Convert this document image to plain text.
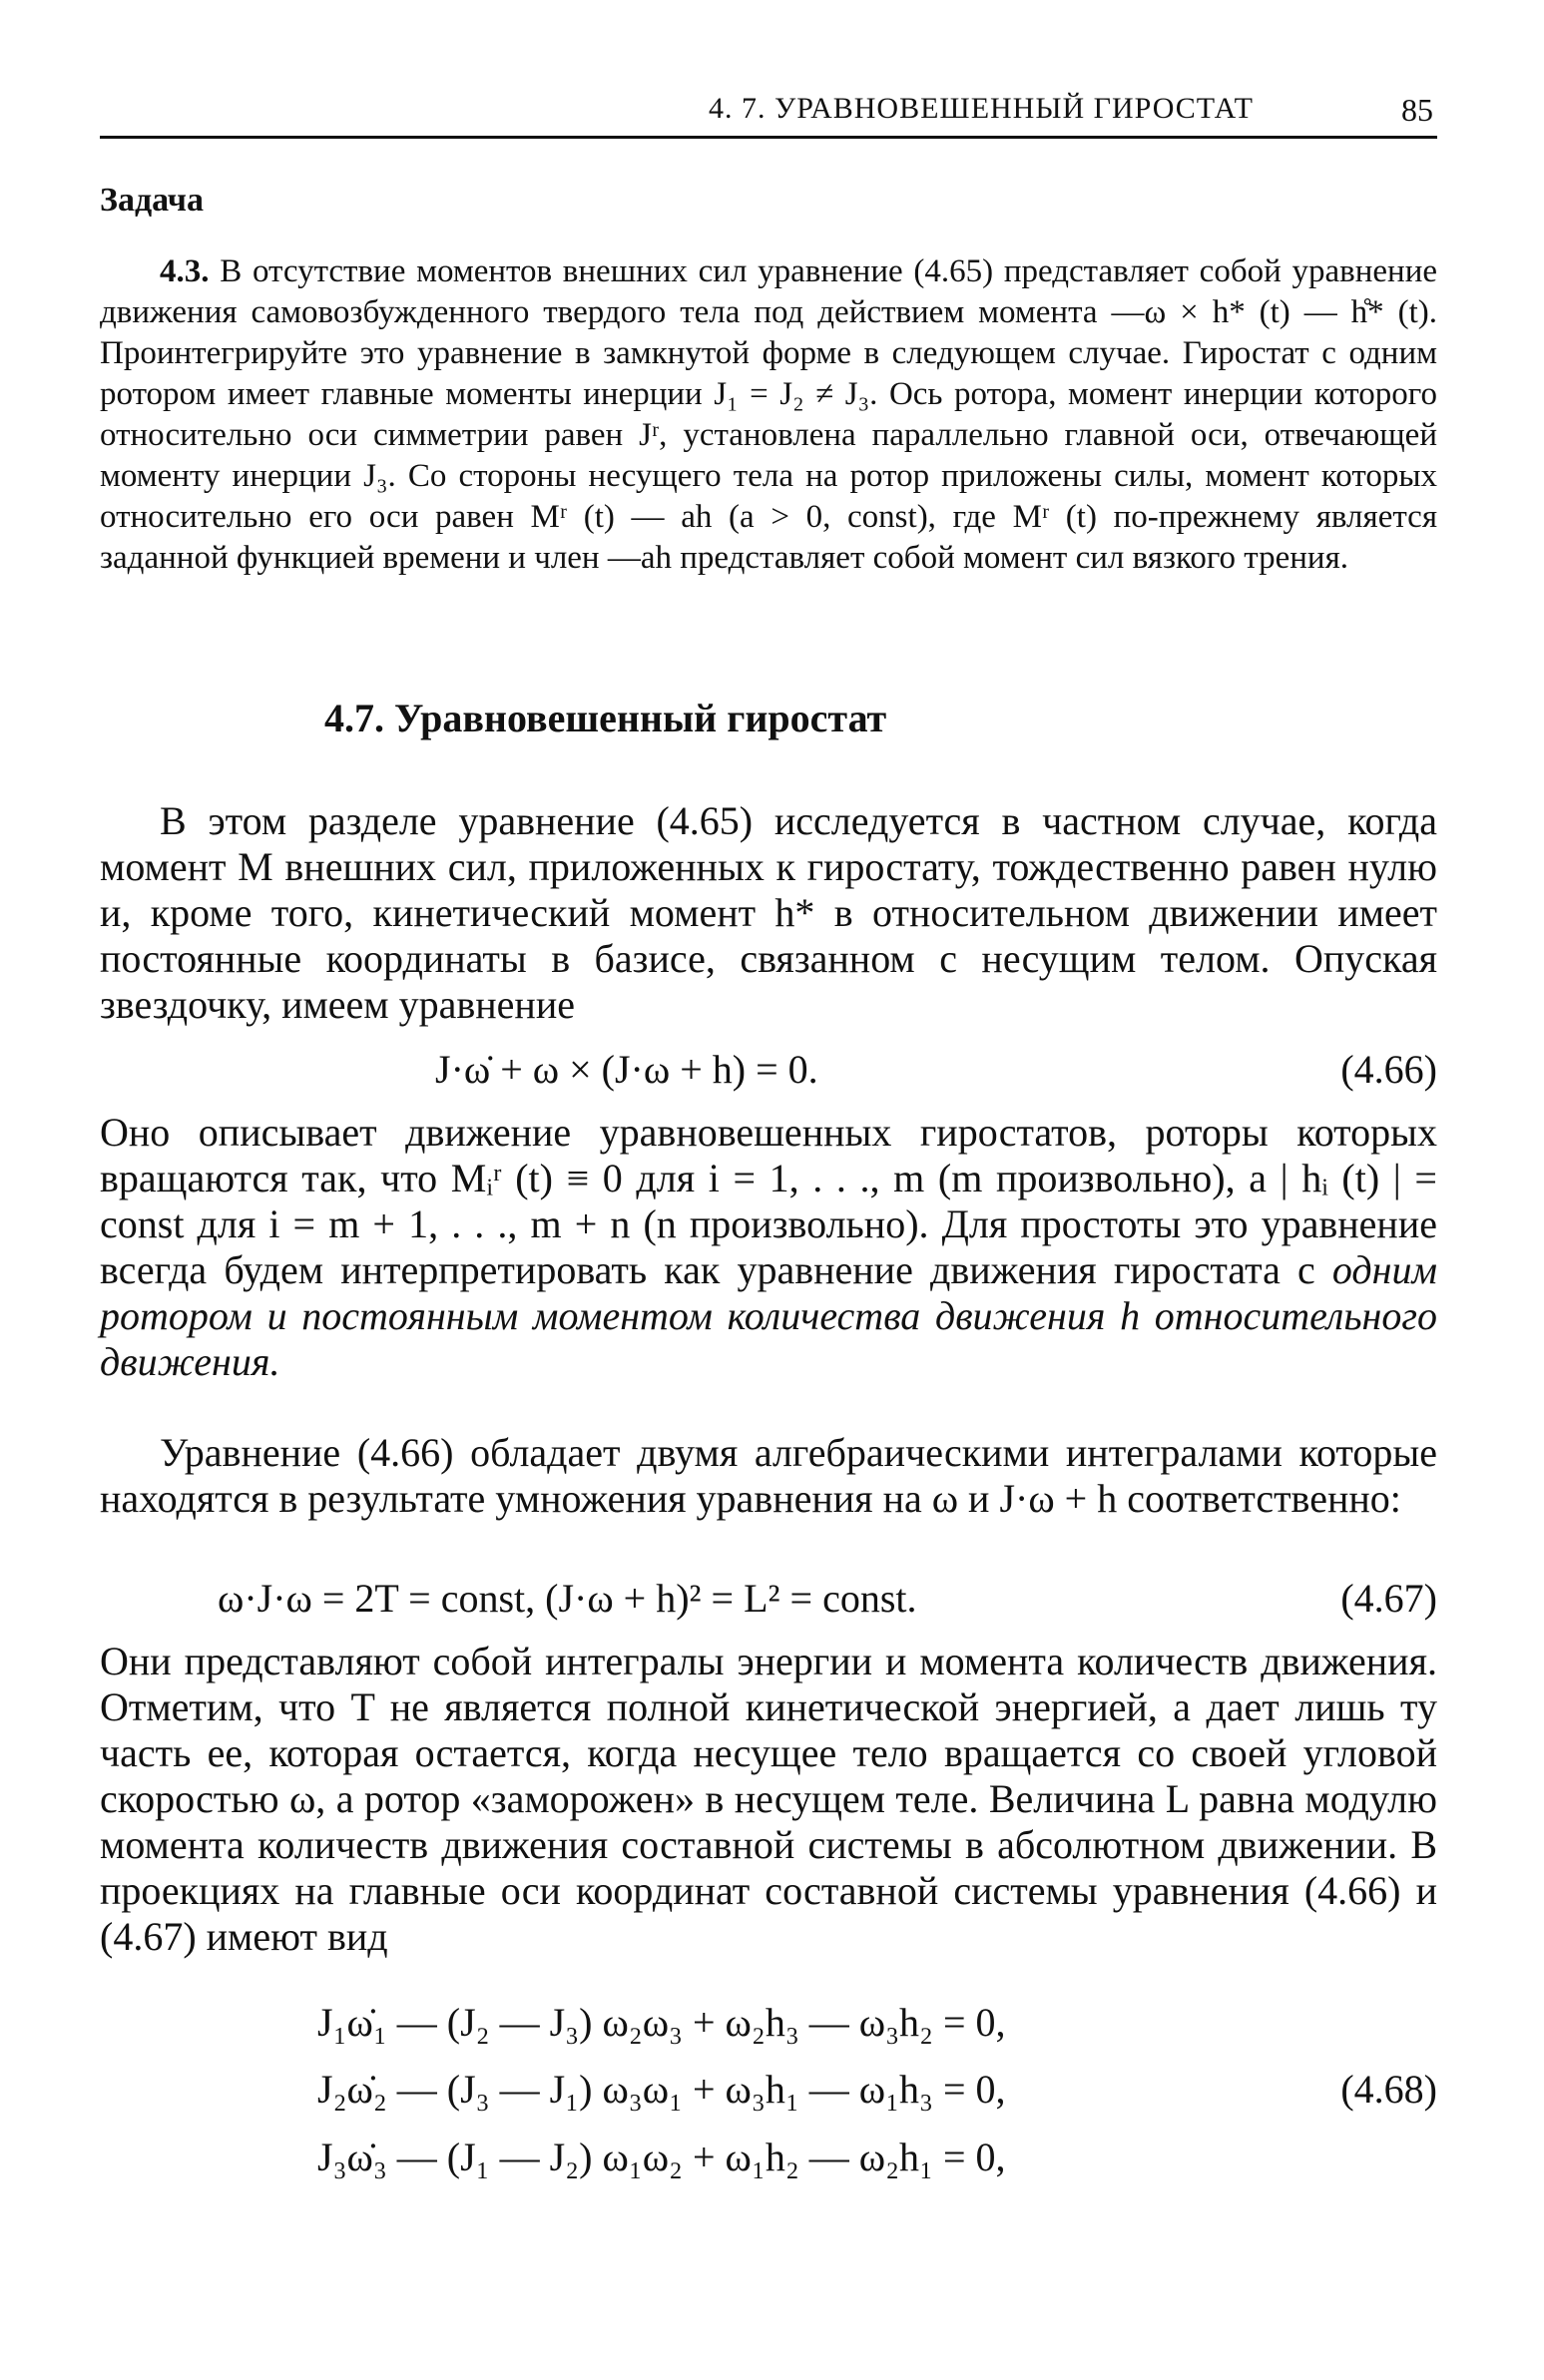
4. 7. УРАВНОВЕШЕННЫЙ ГИРОСТАТ	85
Задача
4.3. В отсутствие моментов внешних сил уравнение (4.65) представляет собой уравнение движения самовозбужденного твердого тела под действием момента —ω × h* (t) — h̊* (t). Проинтегрируйте это уравнение в замкнутой форме в следующем случае. Гиростат с одним ротором имеет главные моменты инерции J₁ = J₂ ≠ J₃. Ось ротора, момент инерции которого относительно оси симметрии равен Jʳ, установлена параллельно главной оси, отвечающей моменту инерции J₃. Со стороны несущего тела на ротор приложены силы, момент которых относительно его оси равен Mʳ (t) — ah (a > 0, const), где Mʳ (t) по-прежнему является заданной функцией времени и член —ah представляет собой момент сил вязкого трения.
4.7. Уравновешенный гиростат
В этом разделе уравнение (4.65) исследуется в частном случае, когда момент M внешних сил, приложенных к гиростату, тождественно равен нулю и, кроме того, кинетический момент h* в относительном движении имеет постоянные координаты в базисе, связанном с несущим телом. Опуская звездочку, имеем уравнение
J·ω̇ + ω × (J·ω + h) = 0.	(4.66)
Оно описывает движение уравновешенных гиростатов, роторы которых вращаются так, что Mᵢʳ (t) ≡ 0 для i = 1, . . ., m (m произвольно), а | hᵢ (t) | = const для i = m + 1, . . ., m + n (n произвольно). Для простоты это уравнение всегда будем интерпретировать как уравнение движения гиростата с одним ротором и постоянным моментом количества движения h относительного движения.
Уравнение (4.66) обладает двумя алгебраическими интегралами которые находятся в результате умножения уравнения на ω и J·ω + h соответственно:
ω·J·ω = 2T = const, (J·ω + h)² = L² = const.	(4.67)
Они представляют собой интегралы энергии и момента количеств движения. Отметим, что T не является полной кинетической энергией, а дает лишь ту часть ее, которая остается, когда несущее тело вращается со своей угловой скоростью ω, а ротор «заморожен» в несущем теле. Величина L равна модулю момента количеств движения составной системы в абсолютном движении. В проекциях на главные оси координат составной системы уравнения (4.66) и (4.67) имеют вид
J₁ω̇₁ — (J₂ — J₃) ω₂ω₃ + ω₂h₃ — ω₃h₂ = 0,
J₂ω̇₂ — (J₃ — J₁) ω₃ω₁ + ω₃h₁ — ω₁h₃ = 0,
J₃ω̇₃ — (J₁ — J₂) ω₁ω₂ + ω₁h₂ — ω₂h₁ = 0,
(4.68)
